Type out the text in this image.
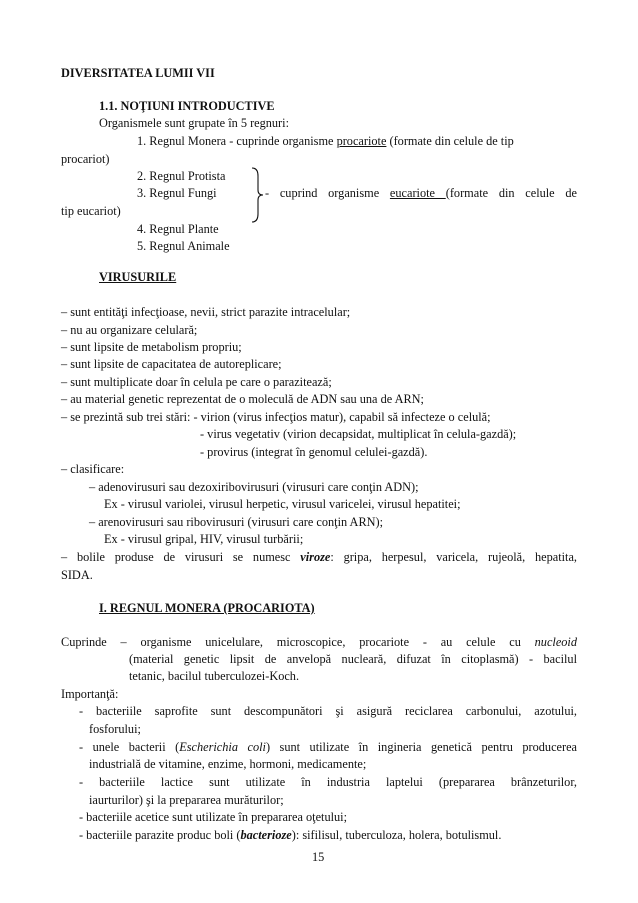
DIVERSITATEA LUMII VII
1.1. NOŢIUNI INTRODUCTIVE
Organismele sunt grupate în 5 regnuri:
1. Regnul Monera - cuprinde organisme procariote (formate din celule de tip
procariot)
2. Regnul Protista
3. Regnul Fungi	- cuprind organisme eucariote (formate din celule de
tip eucariot)
4. Regnul Plante
5. Regnul Animale
VIRUSURILE
– sunt entităţi infecţioase, nevii, strict parazite intracelular;
– nu au organizare celulară;
– sunt lipsite de metabolism propriu;
– sunt lipsite de capacitatea de autoreplicare;
– sunt multiplicate doar în celula pe care o parazitează;
– au material genetic reprezentat de o moleculă de ADN sau una de ARN;
– se prezintă sub trei stări: - virion (virus infecţios matur), capabil să infecteze o celulă;
- virus vegetativ (virion decapsidat, multiplicat în celula-gazdă);
- provirus (integrat în genomul celulei-gazdă).
– clasificare:
– adenovirusuri sau dezoxiribovirusuri (virusuri care conţin ADN);
Ex - virusul variolei, virusul herpetic, virusul varicelei, virusul hepatitei;
– arenovirusuri sau ribovirusuri (virusuri care conţin ARN);
Ex - virusul gripal, HIV, virusul turbării;
– bolile produse de virusuri se numesc viroze: gripa, herpesul, varicela, rujeolă, hepatita,
SIDA.
I. REGNUL MONERA (PROCARIOTA)
Cuprinde – organisme unicelulare, microscopice, procariote - au celule cu nucleoid
(material genetic lipsit de anvelopă nucleară, difuzat în citoplasmă) - bacilul
tetanic, bacilul tuberculozei-Koch.
Importanţă:
- bacteriile saprofite sunt descompunători şi asigură reciclarea carbonului, azotului,
fosforului;
- unele bacterii (Escherichia coli) sunt utilizate în ingineria genetică pentru producerea
industrială de vitamine, enzime, hormoni, medicamente;
- bacteriile lactice sunt utilizate în industria laptelui (prepararea brânzeturilor,
iaurturilor) şi la prepararea murăturilor;
- bacteriile acetice sunt utilizate în prepararea oţetului;
- bacteriile parazite produc boli (bacterioze): sifilisul, tuberculoza, holera, botulismul.
15
